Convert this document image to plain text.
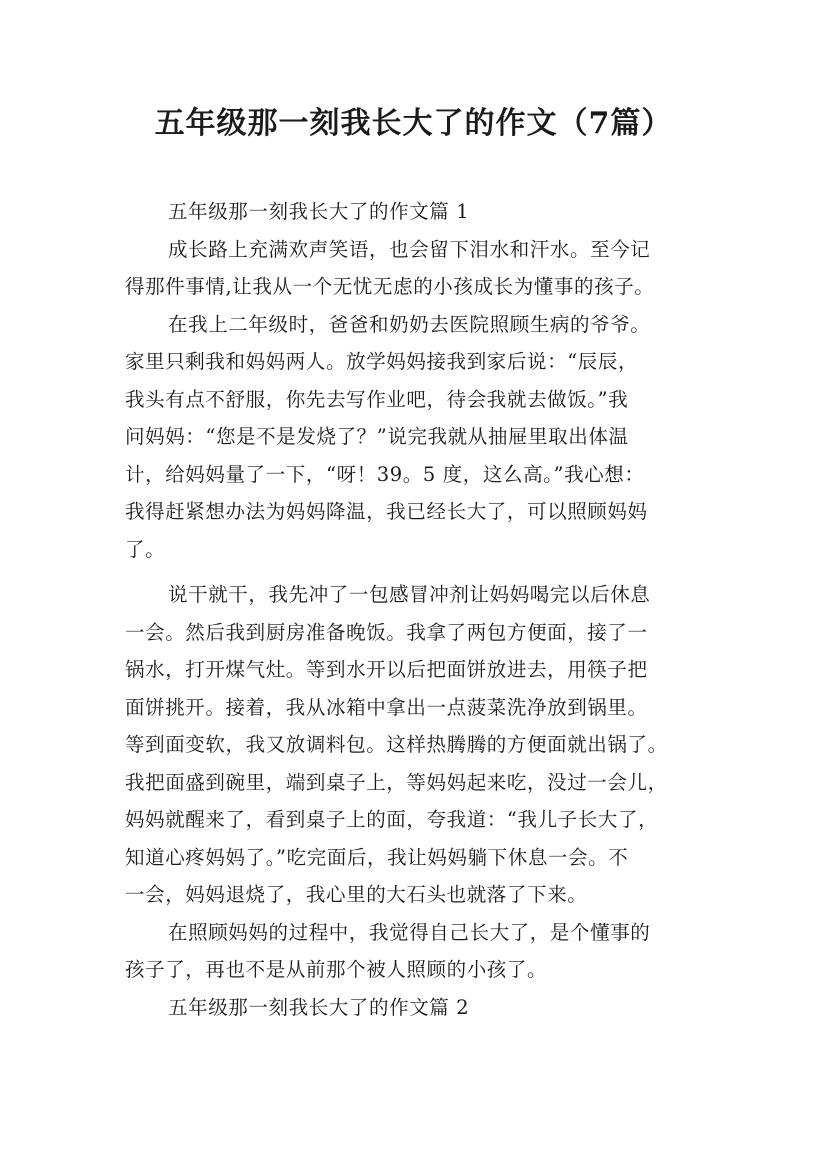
五年级那一刻我长大了的作文（7篇）
五年级那一刻我长大了的作文篇 1
成长路上充满欢声笑语，也会留下泪水和汗水。至今记
得那件事情,让我从一个无忧无虑的小孩成长为懂事的孩子。
在我上二年级时，爸爸和奶奶去医院照顾生病的爷爷。
家里只剩我和妈妈两人。放学妈妈接我到家后说：“辰辰，
我头有点不舒服，你先去写作业吧，待会我就去做饭。”我
问妈妈：“您是不是发烧了？”说完我就从抽屉里取出体温
计，给妈妈量了一下，“呀！39。5 度，这么高。”我心想：
我得赶紧想办法为妈妈降温，我已经长大了，可以照顾妈妈
了。
说干就干，我先冲了一包感冒冲剂让妈妈喝完以后休息
一会。然后我到厨房准备晚饭。我拿了两包方便面，接了一
锅水，打开煤气灶。等到水开以后把面饼放进去，用筷子把
面饼挑开。接着，我从冰箱中拿出一点菠菜洗净放到锅里。
等到面变软，我又放调料包。这样热腾腾的方便面就出锅了。
我把面盛到碗里，端到桌子上，等妈妈起来吃，没过一会儿，
妈妈就醒来了，看到桌子上的面，夸我道：“我儿子长大了，
知道心疼妈妈了。”吃完面后，我让妈妈躺下休息一会。不
一会，妈妈退烧了，我心里的大石头也就落了下来。
在照顾妈妈的过程中，我觉得自己长大了，是个懂事的
孩子了，再也不是从前那个被人照顾的小孩了。
五年级那一刻我长大了的作文篇 2
